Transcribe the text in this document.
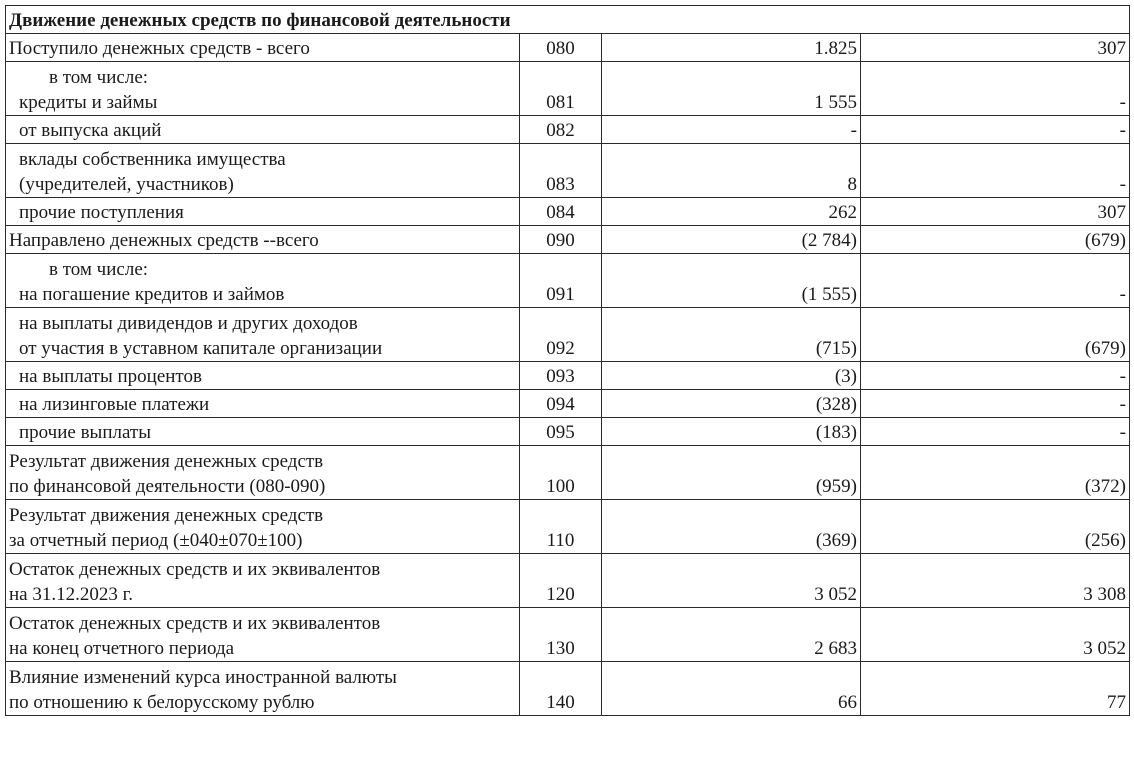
Движение денежных средств по финансовой деятельности			

Поступило денежных средств - всего	080	1.825	307

в том числе:
кредиты и займы	081	1 555	-

от выпуска акций	082	-	-

вклады собственника имущества
(учредителей, участников)	083	8	-

прочие поступления	084	262	307

Направлено денежных средств --всего	090	(2 784)	(679)

в том числе:
на погашение кредитов и займов	091	(1 555)	-

на выплаты дивидендов и других доходов
от участия в уставном капитале организации	092	(715)	(679)

на выплаты процентов	093	(3)	-

на лизинговые платежи	094	(328)	-

прочие выплаты	095	(183)	-

Результат движения денежных средств
по финансовой деятельности (080-090)	100	(959)	(372)

Результат движения денежных средств
за отчетный период (±040±070±100)	110	(369)	(256)

Остаток денежных средств и их эквивалентов
на 31.12.2023 г.	120	3 052	3 308

Остаток денежных средств и их эквивалентов
на конец отчетного периода	130	2 683	3 052

Влияние изменений курса иностранной валюты
по отношению к белорусскому рублю	140	66	77
